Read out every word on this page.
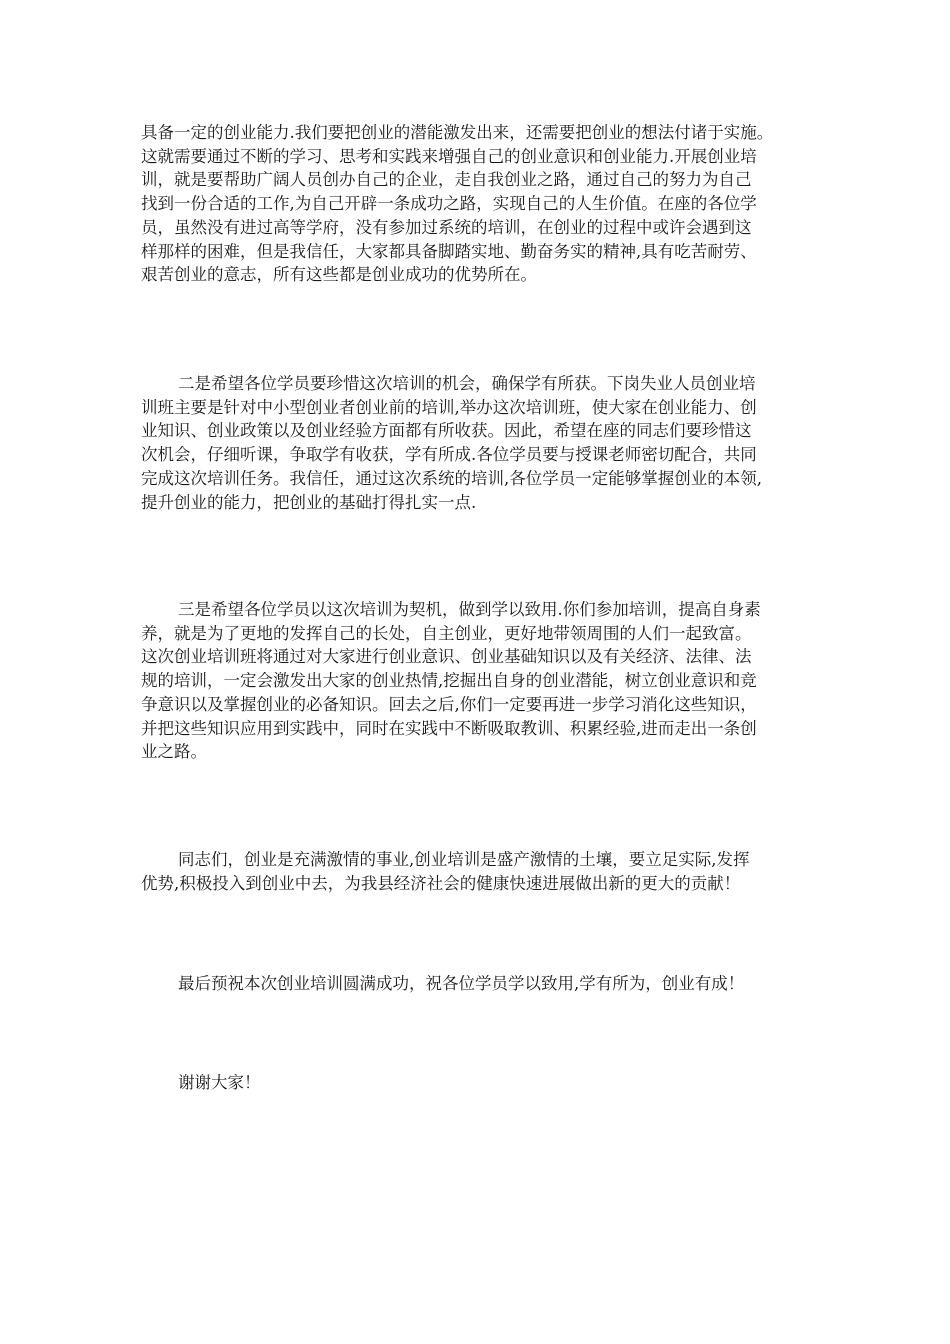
具备一定的创业能力.我们要把创业的潜能激发出来，还需要把创业的想法付诸于实施。
这就需要通过不断的学习、思考和实践来增强自己的创业意识和创业能力.开展创业培
训，就是要帮助广阔人员创办自己的企业，走自我创业之路，通过自己的努力为自己
找到一份合适的工作,为自己开辟一条成功之路，实现自己的人生价值。在座的各位学
员，虽然没有进过高等学府，没有参加过系统的培训，在创业的过程中或许会遇到这
样那样的困难，但是我信任，大家都具备脚踏实地、勤奋务实的精神,具有吃苦耐劳、
艰苦创业的意志，所有这些都是创业成功的优势所在。
二是希望各位学员要珍惜这次培训的机会，确保学有所获。下岗失业人员创业培
训班主要是针对中小型创业者创业前的培训,举办这次培训班，使大家在创业能力、创
业知识、创业政策以及创业经验方面都有所收获。因此，希望在座的同志们要珍惜这
次机会，仔细听课，争取学有收获，学有所成.各位学员要与授课老师密切配合，共同
完成这次培训任务。我信任，通过这次系统的培训,各位学员一定能够掌握创业的本领,
提升创业的能力，把创业的基础打得扎实一点.
三是希望各位学员以这次培训为契机，做到学以致用.你们参加培训，提高自身素
养，就是为了更地的发挥自己的长处，自主创业，更好地带领周围的人们一起致富。
这次创业培训班将通过对大家进行创业意识、创业基础知识以及有关经济、法律、法
规的培训，一定会激发出大家的创业热情,挖掘出自身的创业潜能，树立创业意识和竞
争意识以及掌握创业的必备知识。回去之后,你们一定要再进一步学习消化这些知识，
并把这些知识应用到实践中，同时在实践中不断吸取教训、积累经验,进而走出一条创
业之路。
同志们，创业是充满激情的事业,创业培训是盛产激情的土壤，要立足实际,发挥
优势,积极投入到创业中去，为我县经济社会的健康快速进展做出新的更大的贡献！
最后预祝本次创业培训圆满成功，祝各位学员学以致用,学有所为，创业有成！
谢谢大家！
